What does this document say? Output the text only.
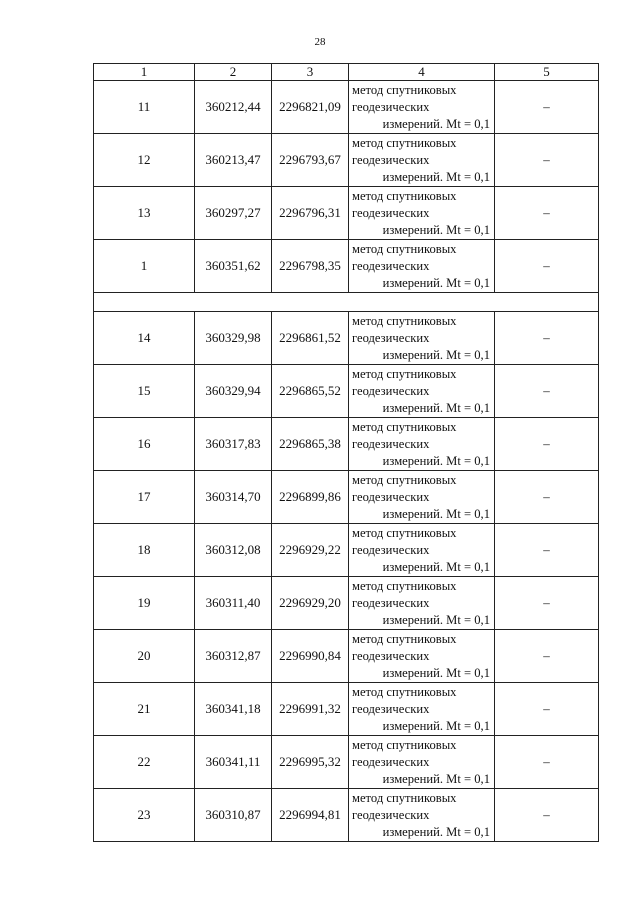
28
1	2	3	4	5
11	360212,44	2296821,09	метод спутниковых
геодезических
измерений. Mt = 0,1	–
12	360213,47	2296793,67	метод спутниковых
геодезических
измерений. Mt = 0,1	–
13	360297,27	2296796,31	метод спутниковых
геодезических
измерений. Mt = 0,1	–
1	360351,62	2296798,35	метод спутниковых
геодезических
измерений. Mt = 0,1	–

14	360329,98	2296861,52	метод спутниковых
геодезических
измерений. Mt = 0,1	–
15	360329,94	2296865,52	метод спутниковых
геодезических
измерений. Mt = 0,1	–
16	360317,83	2296865,38	метод спутниковых
геодезических
измерений. Mt = 0,1	–
17	360314,70	2296899,86	метод спутниковых
геодезических
измерений. Mt = 0,1	–
18	360312,08	2296929,22	метод спутниковых
геодезических
измерений. Mt = 0,1	–
19	360311,40	2296929,20	метод спутниковых
геодезических
измерений. Mt = 0,1	–
20	360312,87	2296990,84	метод спутниковых
геодезических
измерений. Mt = 0,1	–
21	360341,18	2296991,32	метод спутниковых
геодезических
измерений. Mt = 0,1	–
22	360341,11	2296995,32	метод спутниковых
геодезических
измерений. Mt = 0,1	–
23	360310,87	2296994,81	метод спутниковых
геодезических
измерений. Mt = 0,1	–
